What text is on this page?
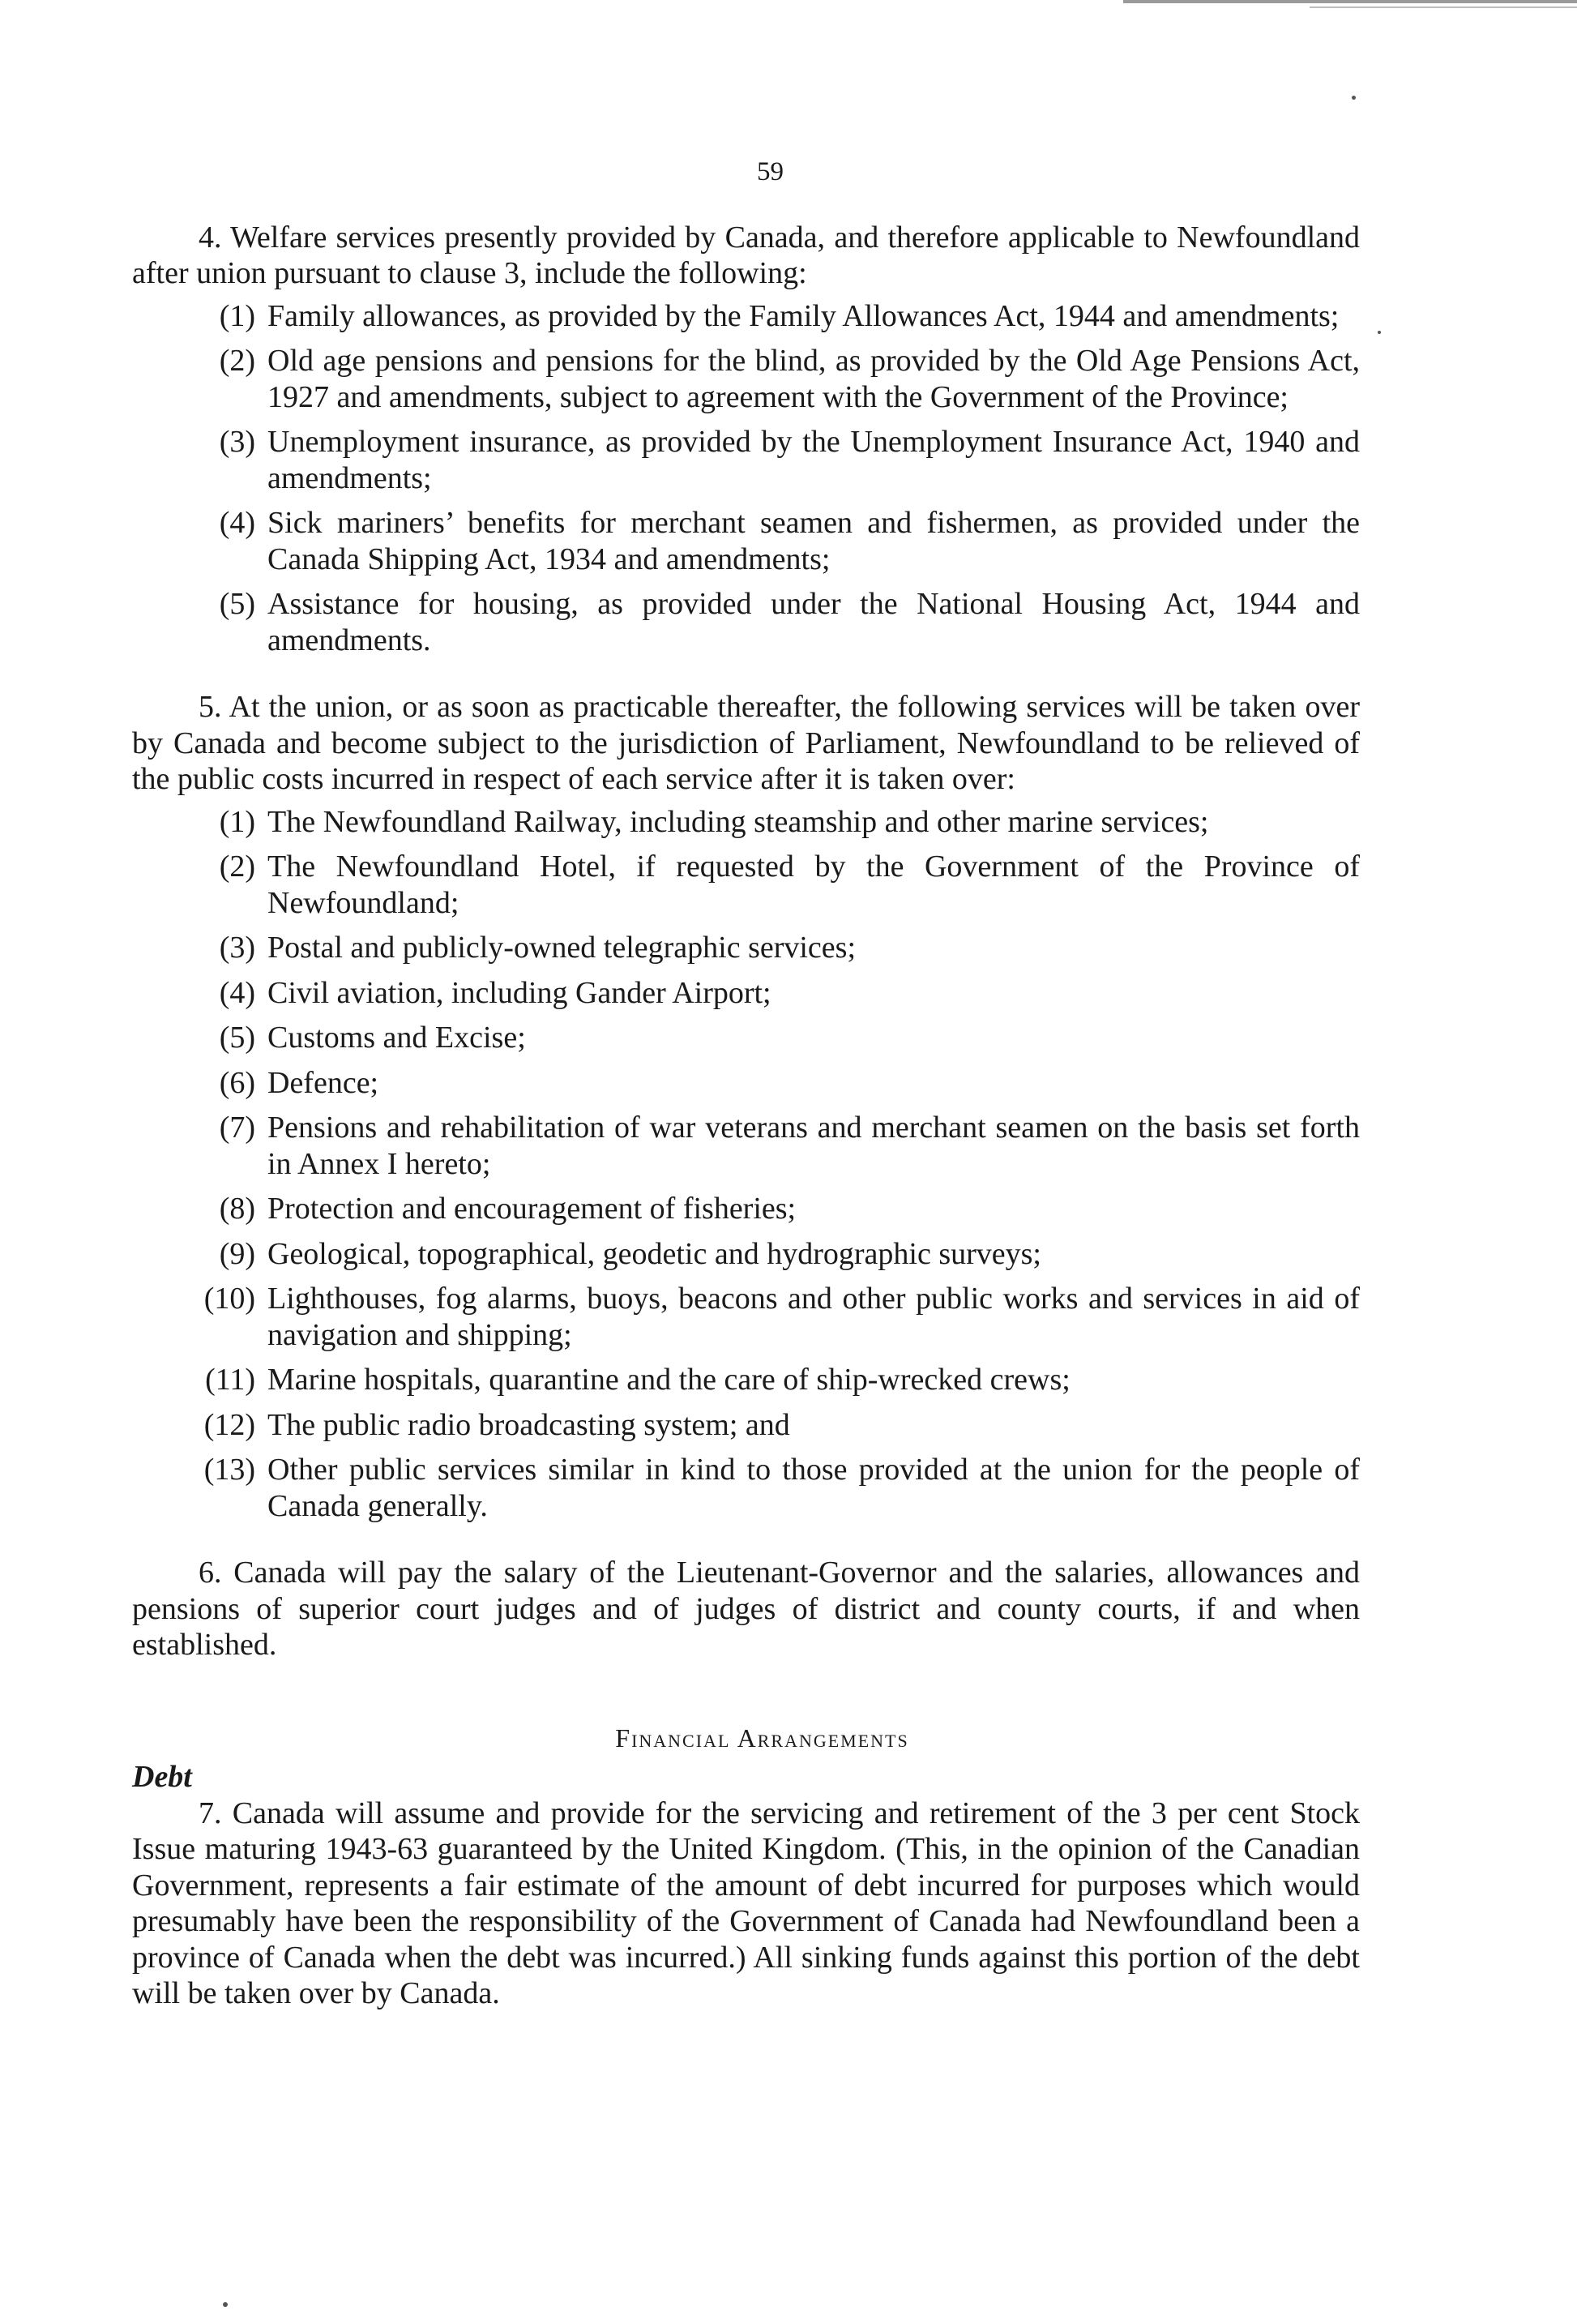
59

4. Welfare services presently provided by Canada, and therefore applicable to Newfoundland after union pursuant to clause 3, include the following:

(1) Family allowances, as provided by the Family Allowances Act, 1944 and amendments;
(2) Old age pensions and pensions for the blind, as provided by the Old Age Pensions Act, 1927 and amendments, subject to agreement with the Government of the Province;
(3) Unemployment insurance, as provided by the Unemployment Insurance Act, 1940 and amendments;
(4) Sick mariners’ benefits for merchant seamen and fishermen, as provided under the Canada Shipping Act, 1934 and amendments;
(5) Assistance for housing, as provided under the National Housing Act, 1944 and amendments.

5. At the union, or as soon as practicable thereafter, the following services will be taken over by Canada and become subject to the jurisdiction of Parliament, Newfoundland to be relieved of the public costs incurred in respect of each service after it is taken over:

(1) The Newfoundland Railway, including steamship and other marine services;
(2) The Newfoundland Hotel, if requested by the Government of the Province of Newfoundland;
(3) Postal and publicly-owned telegraphic services;
(4) Civil aviation, including Gander Airport;
(5) Customs and Excise;
(6) Defence;
(7) Pensions and rehabilitation of war veterans and merchant seamen on the basis set forth in Annex I hereto;
(8) Protection and encouragement of fisheries;
(9) Geological, topographical, geodetic and hydrographic surveys;
(10) Lighthouses, fog alarms, buoys, beacons and other public works and services in aid of navigation and shipping;
(11) Marine hospitals, quarantine and the care of ship-wrecked crews;
(12) The public radio broadcasting system; and
(13) Other public services similar in kind to those provided at the union for the people of Canada generally.

6. Canada will pay the salary of the Lieutenant-Governor and the salaries, allowances and pensions of superior court judges and of judges of district and county courts, if and when established.

Financial Arrangements
Debt

7. Canada will assume and provide for the servicing and retirement of the 3 per cent Stock Issue maturing 1943-63 guaranteed by the United Kingdom. (This, in the opinion of the Canadian Government, represents a fair estimate of the amount of debt incurred for purposes which would presumably have been the responsibility of the Government of Canada had Newfoundland been a province of Canada when the debt was incurred.) All sinking funds against this portion of the debt will be taken over by Canada.
